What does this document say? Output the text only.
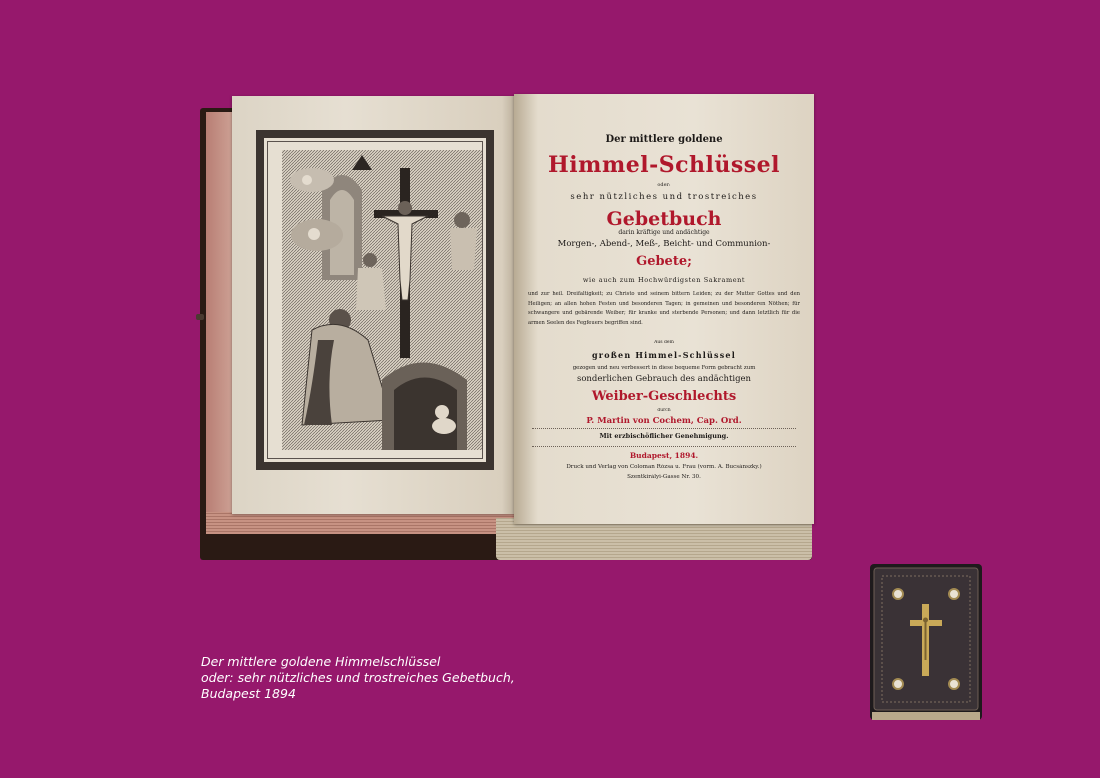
Der mittlere goldene
Himmel-Schlüssel
oder:
sehr nützliches und trostreiches
Gebetbuch
darin kräftige und andächtige
Morgen-, Abend-, Meß-, Beicht- und Communion-
Gebete;
wie auch zum Hochwürdigsten Sakrament
und zur heil. Dreifaltigkeit; zu Christo und seinem bittern Leiden; zu der Mutter Gottes und den Heiligen; an allen hohen Festen und besonderen Tagen; in gemeinen und besonderen Nöthen; für schwangere und gebärende Weiber; für kranke und sterbende Personen; und dann letztlich für die armen Seelen des Fegfeuers begriffen sind.
Aus dem
großen Himmel-Schlüssel
gezogen und neu verbessert in diese bequeme Form gebracht zum
sonderlichen Gebrauch des andächtigen
Weiber-Geschlechts
durch
P. Martin von Cochem, Cap. Ord.
Mit erzbischöflicher Genehmigung.
Budapest, 1894.
Druck und Verlag von Coloman Rózsa u. Frau (vorm. A. Bucsánszky.)
Szentkirályi-Gasse Nr. 30.
Der mittlere goldene Himmelschlüssel
oder: sehr nützliches und trostreiches Gebetbuch,
Budapest 1894
